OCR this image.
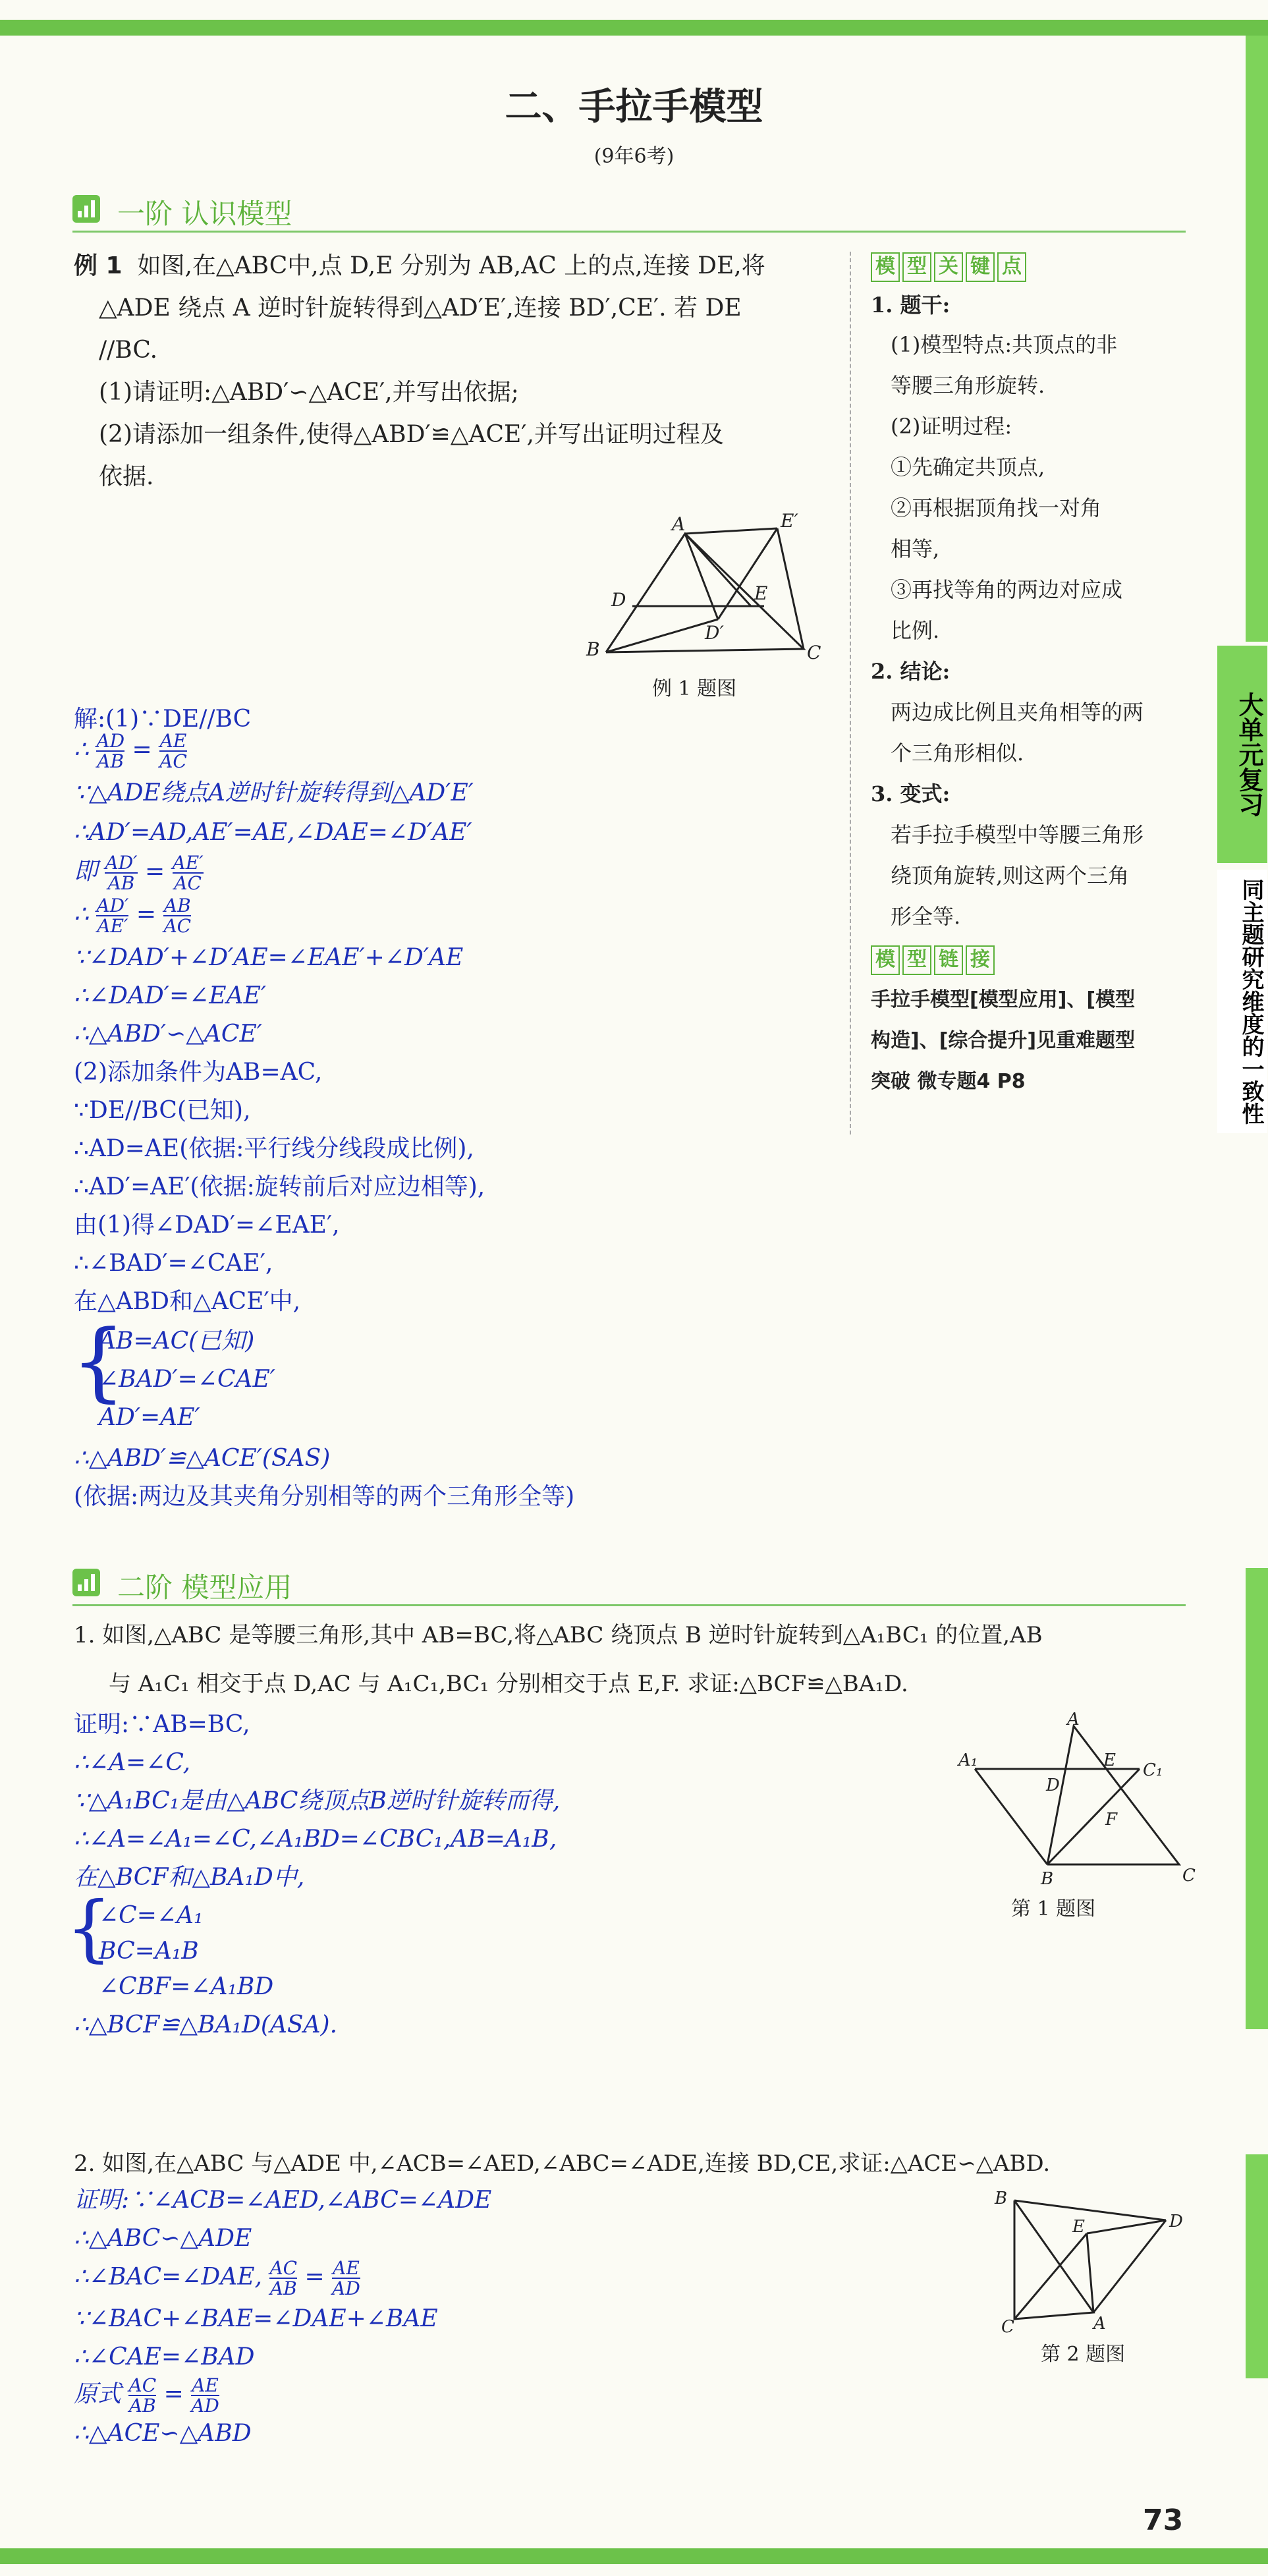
二、手拉手模型
(9年6考)
一阶 认识模型
例 1 如图,在△ABC中,点 D,E 分别为 AB,AC 上的点,连接 DE,将
△ADE 绕点 A 逆时针旋转得到△AD′E′,连接 BD′,CE′. 若 DE
//BC.
(1)请证明:△ABD′∽△ACE′,并写出依据;
(2)请添加一组条件,使得△ABD′≌△ACE′,并写出证明过程及
依据.
A	E′
D	E
D′
B	C
例 1 题图
解:(1)∵DE//BC
∴ $\frac{AD}{AB} = \frac{AE}{AC}$
∵△ADE绕点A逆时针旋转得到△AD′E′
∴AD′=AD,AE′=AE,∠DAE=∠D′AE′
即 $\frac{AD'}{AB} = \frac{AE'}{AC}$
∴ $\frac{AD'}{AE'} = \frac{AB}{AC}$
∵∠DAD′+∠D′AE=∠EAE′+∠D′AE
∴∠DAD′=∠EAE′
∴△ABD′∽△ACE′
(2)添加条件为AB=AC,
∵DE//BC(已知),
∴AD=AE(依据:平行线分线段成比例),
∴AD′=AE′(依据:旋转前后对应边相等),
由(1)得∠DAD′=∠EAE′,
∴∠BAD′=∠CAE′,
在△ABD和△ACE′中,
{
AB=AC(已知)
∠BAD′=∠CAE′
AD′=AE′
∴△ABD′≌△ACE′(SAS)
(依据:两边及其夹角分别相等的两个三角形全等)
模 型 关 键 点
1. 题干:
(1)模型特点:共顶点的非
等腰三角形旋转.
(2)证明过程:
①先确定共顶点,
②再根据顶角找一对角
相等,
③再找等角的两边对应成
比例.
2. 结论:
两边成比例且夹角相等的两
个三角形相似.
3. 变式:
若手拉手模型中等腰三角形
绕顶角旋转,则这两个三角
形全等.
模 型 链 接
手拉手模型[模型应用]、[模型
构造]、[综合提升]见重难题型
突破 微专题4 P8
大单元复习
同主题研究维度的一致性
二阶 模型应用
1. 如图,△ABC 是等腰三角形,其中 AB=BC,将△ABC 绕顶点 B 逆时针旋转到△A₁BC₁ 的位置,AB
与 A₁C₁ 相交于点 D,AC 与 A₁C₁,BC₁ 分别相交于点 E,F. 求证:△BCF≌△BA₁D.
证明:∵AB=BC,
∴∠A=∠C,
∵△A₁BC₁是由△ABC绕顶点B逆时针旋转而得,
∴∠A=∠A₁=∠C,∠A₁BD=∠CBC₁,AB=A₁B,
在△BCF和△BA₁D中,
{
∠C=∠A₁
BC=A₁B
∠CBF=∠A₁BD
∴△BCF≌△BA₁D(ASA).
A
A₁
D
E C₁
F
B	C
第 1 题图
2. 如图,在△ABC 与△ADE 中,∠ACB=∠AED,∠ABC=∠ADE,连接 BD,CE,求证:△ACE∽△ABD.
证明:∵∠ACB=∠AED,∠ABC=∠ADE
∴△ABC∽△ADE
∴∠BAC=∠DAE, $\frac{AC}{AB} = \frac{AE}{AD}$
∵∠BAC+∠BAE=∠DAE+∠BAE
∴∠CAE=∠BAD
原式 $\frac{AC}{AB} = \frac{AE}{AD}$
∴△ACE∽△ABD
B
D
E
C	A
第 2 题图
73
